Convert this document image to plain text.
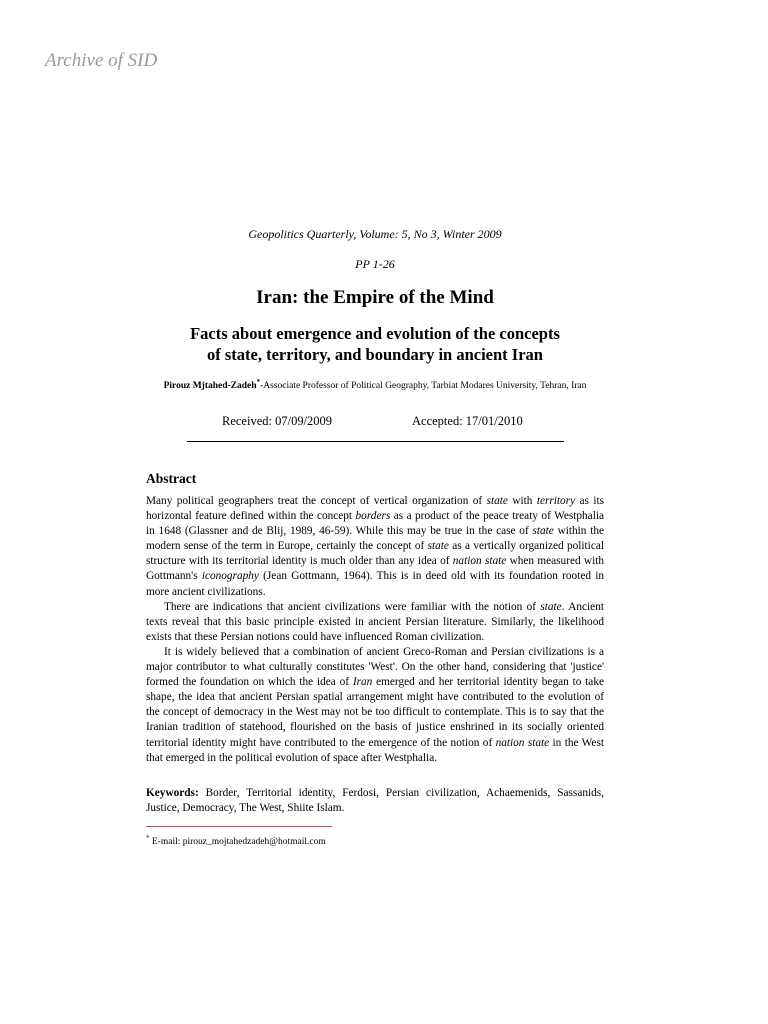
Archive of SID
Geopolitics Quarterly, Volume: 5, No 3, Winter 2009
PP 1-26
Iran: the Empire of the Mind
Facts about emergence and evolution of the concepts
of state, territory, and boundary in ancient Iran
Pirouz Mjtahed-Zadeh*-Associate Professor of Political Geography, Tarbiat Modares University, Tehran, Iran
Received: 07/09/2009	Accepted: 17/01/2010
Abstract

Many political geographers treat the concept of vertical organization of state with territory as its horizontal feature defined within the concept borders as a product of the peace treaty of Westphalia in 1648 (Glassner and de Blij, 1989, 46-59). While this may be true in the case of state within the modern sense of the term in Europe, certainly the concept of state as a vertically organized political structure with its territorial identity is much older than any idea of nation state when measured with Gottmann's iconography (Jean Gottmann, 1964). This is in deed old with its foundation rooted in more ancient civilizations.

There are indications that ancient civilizations were familiar with the notion of state. Ancient texts reveal that this basic principle existed in ancient Persian literature. Similarly, the likelihood exists that these Persian notions could have influenced Roman civilization.

It is widely believed that a combination of ancient Greco-Roman and Persian civilizations is a major contributor to what culturally constitutes 'West'. On the other hand, considering that 'justice' formed the foundation on which the idea of Iran emerged and her territorial identity began to take shape, the idea that ancient Persian spatial arrangement might have contributed to the evolution of the concept of democracy in the West may not be too difficult to contemplate. This is to say that the Iranian tradition of statehood, flourished on the basis of justice enshrined in its socially oriented territorial identity might have contributed to the emergence of the notion of nation state in the West that emerged in the political evolution of space after Westphalia.

Keywords: Border, Territorial identity, Ferdosi, Persian civilization, Achaemenids, Sassanids, Justice, Democracy, The West, Shiite Islam.
* E-mail: pirouz_mojtahedzadeh@hotmail.com
